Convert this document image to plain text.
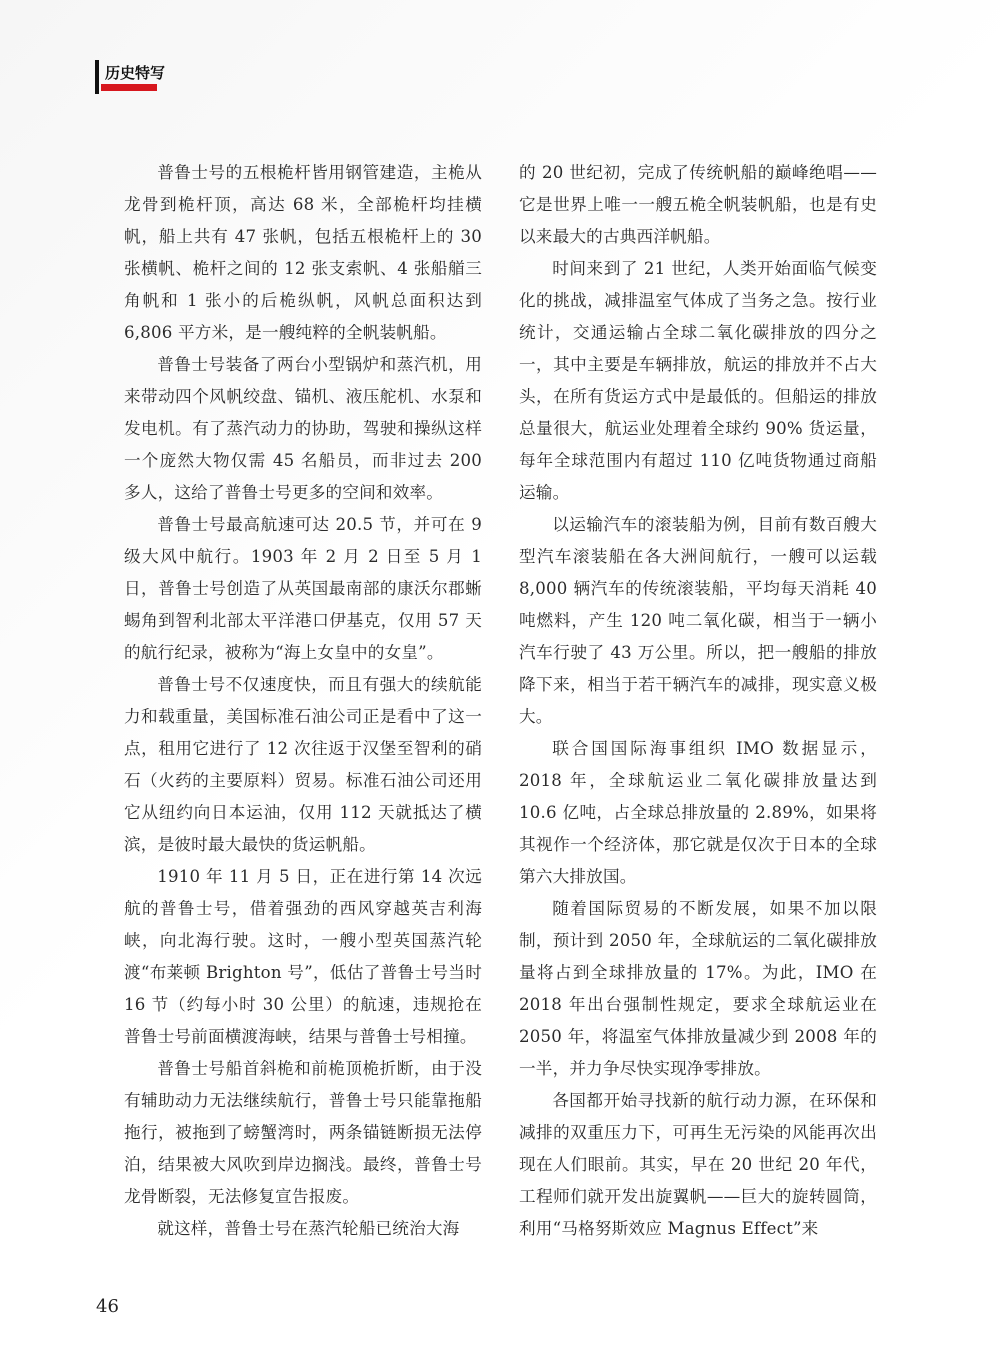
历史特写

普鲁士号的五根桅杆皆用钢管建造，主桅从龙骨到桅杆顶，高达 68 米，全部桅杆均挂横帆，船上共有 47 张帆，包括五根桅杆上的 30 张横帆、桅杆之间的 12 张支索帆、4 张船艏三角帆和 1 张小的后桅纵帆，风帆总面积达到 6,806 平方米，是一艘纯粹的全帆装帆船。

普鲁士号装备了两台小型锅炉和蒸汽机，用来带动四个风帆绞盘、锚机、液压舵机、水泵和发电机。有了蒸汽动力的协助，驾驶和操纵这样一个庞然大物仅需 45 名船员，而非过去 200 多人，这给了普鲁士号更多的空间和效率。

普鲁士号最高航速可达 20.5 节，并可在 9 级大风中航行。1903 年 2 月 2 日至 5 月 1 日，普鲁士号创造了从英国最南部的康沃尔郡蜥蜴角到智利北部太平洋港口伊基克，仅用 57 天的航行纪录，被称为“海上女皇中的女皇”。

普鲁士号不仅速度快，而且有强大的续航能力和载重量，美国标准石油公司正是看中了这一点，租用它进行了 12 次往返于汉堡至智利的硝石（火药的主要原料）贸易。标准石油公司还用它从纽约向日本运油，仅用 112 天就抵达了横滨，是彼时最大最快的货运帆船。

1910 年 11 月 5 日，正在进行第 14 次远航的普鲁士号，借着强劲的西风穿越英吉利海峡，向北海行驶。这时，一艘小型英国蒸汽轮渡“布莱顿 Brighton 号”，低估了普鲁士号当时 16 节（约每小时 30 公里）的航速，违规抢在普鲁士号前面横渡海峡，结果与普鲁士号相撞。

普鲁士号船首斜桅和前桅顶桅折断，由于没有辅助动力无法继续航行，普鲁士号只能靠拖船拖行，被拖到了螃蟹湾时，两条锚链断损无法停泊，结果被大风吹到岸边搁浅。最终，普鲁士号龙骨断裂，无法修复宣告报废。

就这样，普鲁士号在蒸汽轮船已统治大海

的 20 世纪初，完成了传统帆船的巅峰绝唱——它是世界上唯一一艘五桅全帆装帆船，也是有史以来最大的古典西洋帆船。

时间来到了 21 世纪，人类开始面临气候变化的挑战，减排温室气体成了当务之急。按行业统计，交通运输占全球二氧化碳排放的四分之一，其中主要是车辆排放，航运的排放并不占大头，在所有货运方式中是最低的。但船运的排放总量很大，航运业处理着全球约 90% 货运量，每年全球范围内有超过 110 亿吨货物通过商船运输。

以运输汽车的滚装船为例，目前有数百艘大型汽车滚装船在各大洲间航行，一艘可以运载 8,000 辆汽车的传统滚装船，平均每天消耗 40 吨燃料，产生 120 吨二氧化碳，相当于一辆小汽车行驶了 43 万公里。所以，把一艘船的排放降下来，相当于若干辆汽车的减排，现实意义极大。

联合国国际海事组织 IMO 数据显示，2018 年，全球航运业二氧化碳排放量达到 10.6 亿吨，占全球总排放量的 2.89%，如果将其视作一个经济体，那它就是仅次于日本的全球第六大排放国。

随着国际贸易的不断发展，如果不加以限制，预计到 2050 年，全球航运的二氧化碳排放量将占到全球排放量的 17%。为此，IMO 在 2018 年出台强制性规定，要求全球航运业在 2050 年，将温室气体排放量减少到 2008 年的一半，并力争尽快实现净零排放。

各国都开始寻找新的航行动力源，在环保和减排的双重压力下，可再生无污染的风能再次出现在人们眼前。其实，早在 20 世纪 20 年代，工程师们就开发出旋翼帆——巨大的旋转圆筒，利用“马格努斯效应 Magnus Effect”来

46
